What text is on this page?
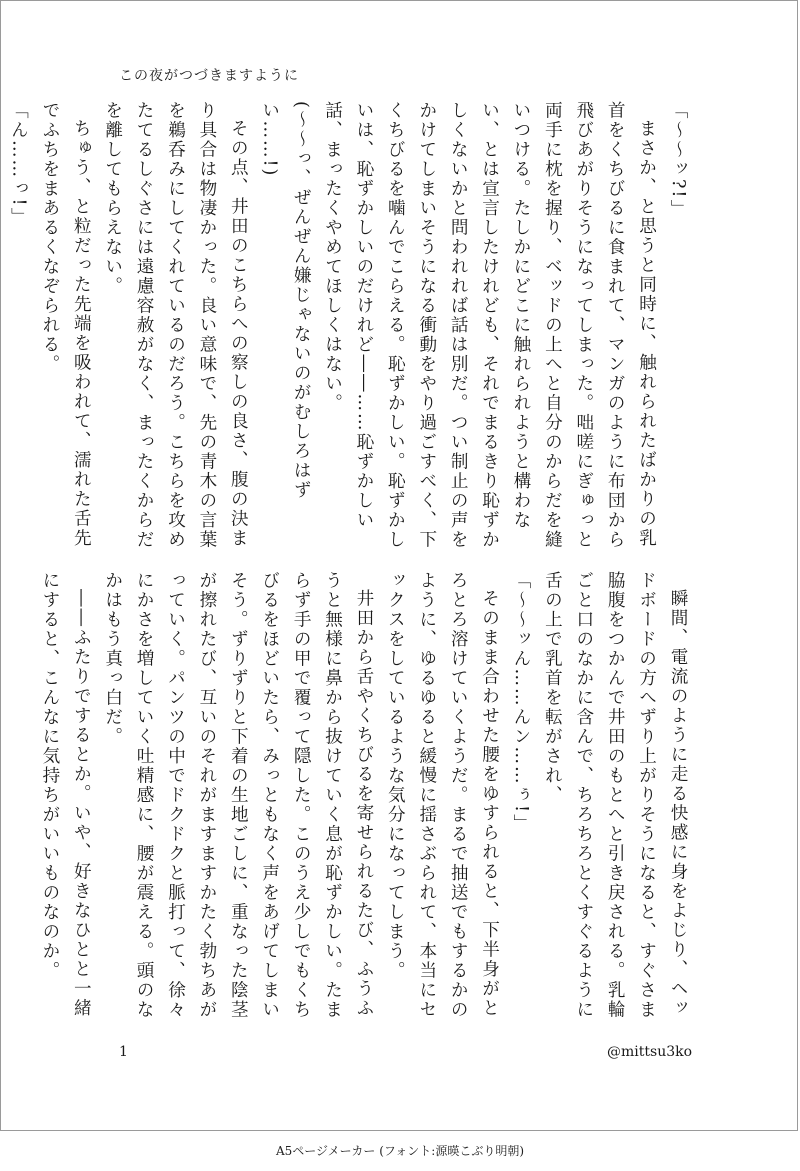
この夜がつづきますように

「〜〜ッ?!」

まさか、と思うと同時に、触れられたばかりの乳首をくちびるに食まれて、マンガのように布団から飛びあがりそうになってしまった。咄嗟にぎゅっと両手に枕を握り、ベッドの上へと自分のからだを縫いつける。たしかにどこに触れられようと構わない、とは宣言したけれども、それでまるきり恥ずかしくないかと問われれば話は別だ。つい制止の声をかけてしまいそうになる衝動をやり過ごすべく、下くちびるを噛んでこらえる。恥ずかしい。恥ずかしいは、恥ずかしいのだけれど――……恥ずかしい話、まったくやめてほしくはない。

(〜〜っ、ぜんぜん嫌じゃないのがむしろはずい……!)

その点、井田のこちらへの察しの良さ、腹の決まり具合は物凄かった。良い意味で、先の青木の言葉を鵜呑みにしてくれているのだろう。こちらを攻めたてるしぐさには遠慮容赦がなく、まったくからだを離してもらえない。

ちゅう、と粒だった先端を吸われて、濡れた舌先でふちをまあるくなぞられる。

「ん……っ!」

瞬間、電流のように走る快感に身をよじり、ヘッドボードの方へずり上がりそうになると、すぐさま脇腹をつかんで井田のもとへと引き戻される。乳輪ごと口のなかに含んで、ちろちろとくすぐるように舌の上で乳首を転がされ、

「〜〜ッん……んン……ぅ!」

そのまま合わせた腰をゆすられると、下半身がとろとろ溶けていくようだ。まるで抽送でもするかのように、ゆるゆると緩慢に揺さぶられて、本当にセックスをしているような気分になってしまう。

井田から舌やくちびるを寄せられるたび、ふうふうと無様に鼻から抜けていく息が恥ずかしい。たまらず手の甲で覆って隠した。このうえ少しでもくちびるをほどいたら、みっともなく声をあげてしまいそう。ずりずりと下着の生地ごしに、重なった陰茎が擦れたび、互いのそれがますますかたく勃ちあがっていく。パンツの中でドクドクと脈打って、徐々にかさを増していく吐精感に、腰が震える。頭のなかはもう真っ白だ。

――ふたりでするとか。いや、好きなひとと一緒にすると、こんなに気持ちがいいものなのか。

1	@mittsu3ko
A5ページメーカー (フォント:源暎こぶり明朝)
